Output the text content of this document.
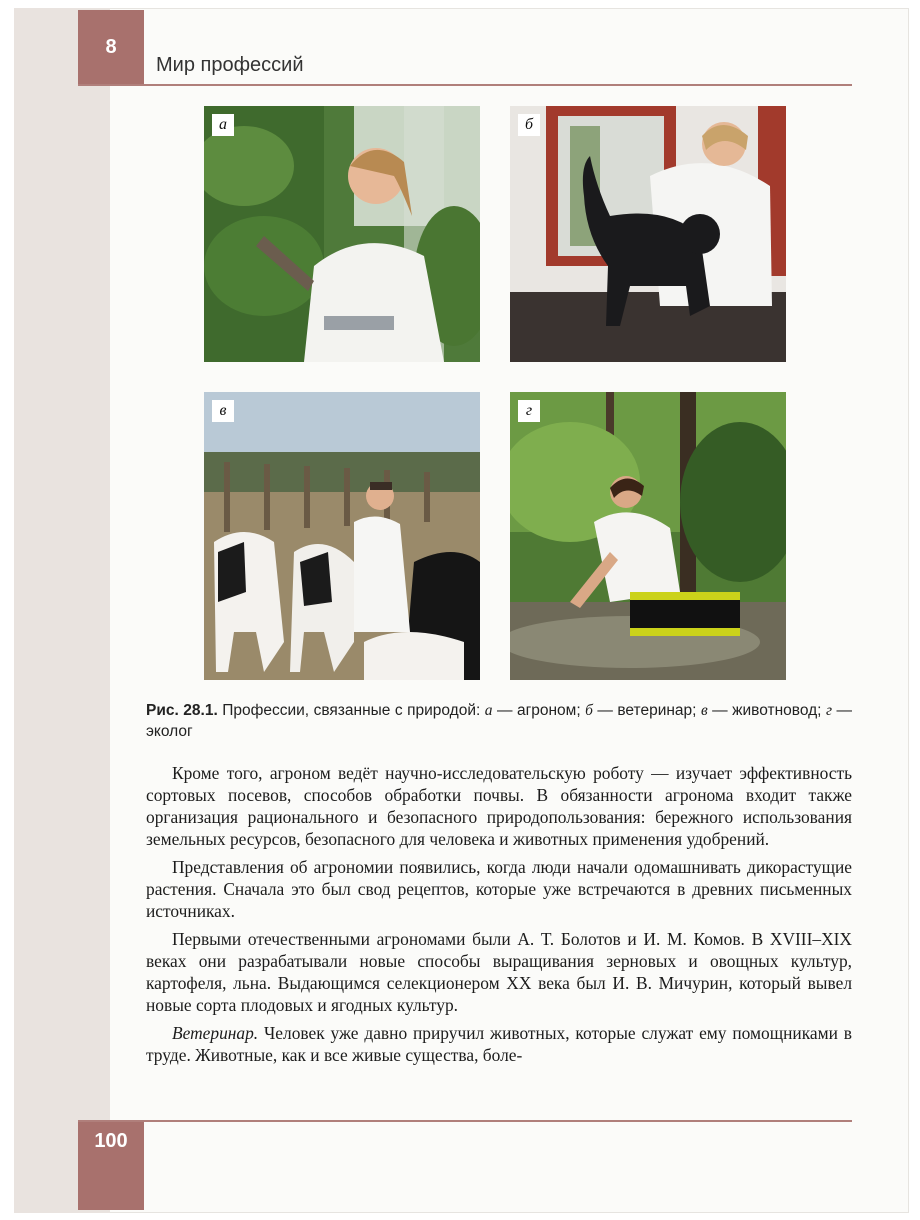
8
Мир профессий
а	б
в	г
Рис. 28.1. Профессии, связанные с природой: а — агроном; б — ветеринар; в — животновод; г — эколог

Кроме того, агроном ведёт научно-исследовательскую роботу — изучает эффективность сортовых посевов, способов обработки почвы. В обязанности агронома входит также организация рационального и безопасного природопользования: бережного использования земельных ресурсов, безопасного для человека и животных применения удобрений.

Представления об агрономии появились, когда люди начали одомашнивать дикорастущие растения. Сначала это был свод рецептов, которые уже встречаются в древних письменных источниках.

Первыми отечественными агрономами были А. Т. Болотов и И. М. Комов. В XVIII–XIX веках они разрабатывали новые способы выращивания зерновых и овощных культур, картофеля, льна. Выдающимся селекционером XX века был И. В. Мичурин, который вывел новые сорта плодовых и ягодных культур.

Ветеринар. Человек уже давно приручил животных, которые служат ему помощниками в труде. Животные, как и все живые существа, боле-

100
